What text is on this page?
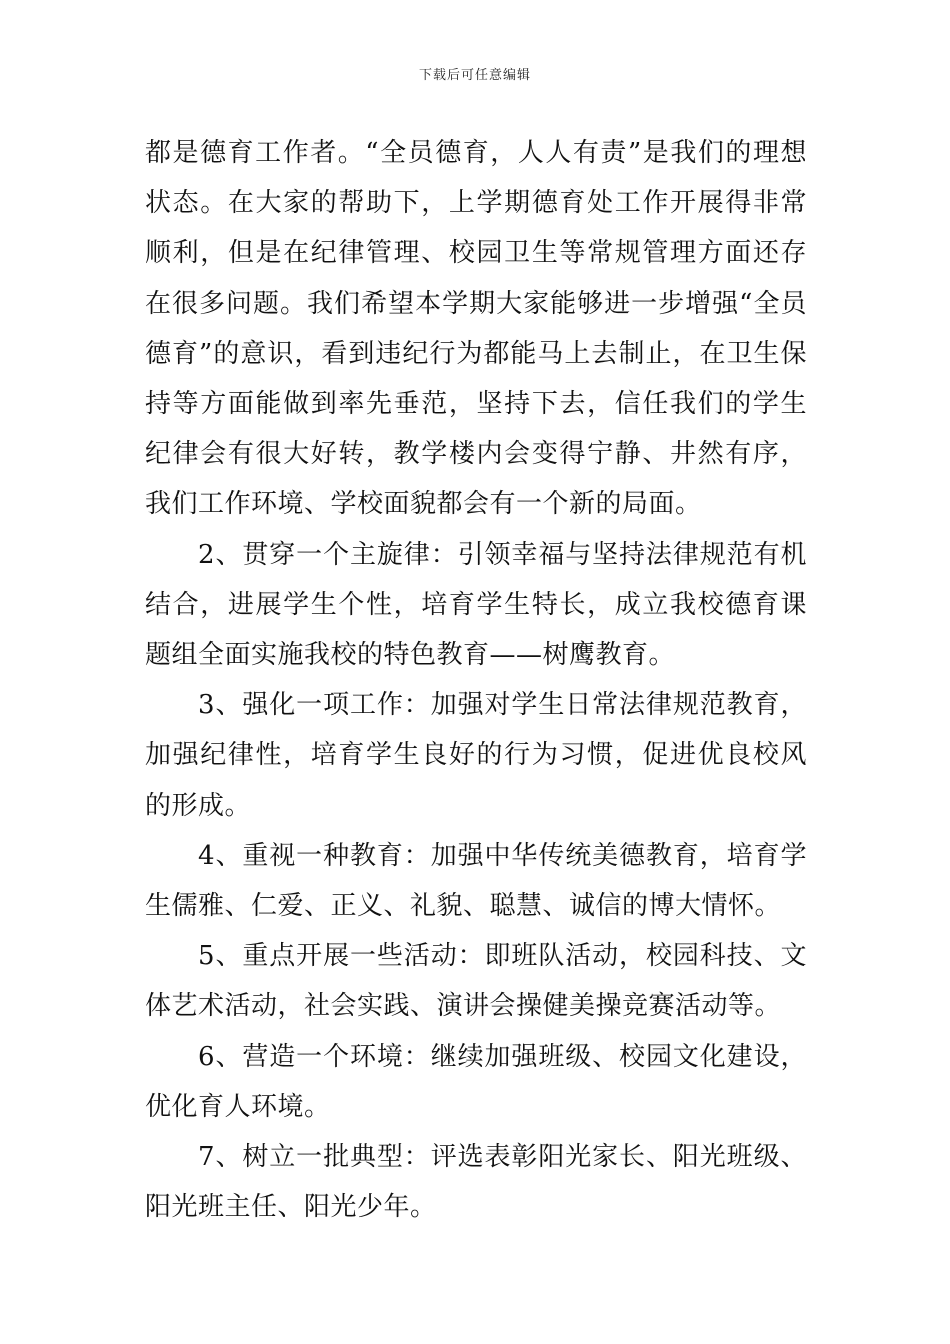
下载后可任意编辑

都是德育工作者。“全员德育，人人有责”是我们的理想状态。在大家的帮助下，上学期德育处工作开展得非常顺利，但是在纪律管理、校园卫生等常规管理方面还存在很多问题。我们希望本学期大家能够进一步增强“全员德育”的意识，看到违纪行为都能马上去制止，在卫生保持等方面能做到率先垂范，坚持下去，信任我们的学生纪律会有很大好转，教学楼内会变得宁静、井然有序，我们工作环境、学校面貌都会有一个新的局面。

2、贯穿一个主旋律：引领幸福与坚持法律规范有机结合，进展学生个性，培育学生特长，成立我校德育课题组全面实施我校的特色教育——树鹰教育。

3、强化一项工作：加强对学生日常法律规范教育，加强纪律性，培育学生良好的行为习惯，促进优良校风的形成。

4、重视一种教育：加强中华传统美德教育，培育学生儒雅、仁爱、正义、礼貌、聪慧、诚信的博大情怀。

5、重点开展一些活动：即班队活动，校园科技、文体艺术活动，社会实践、演讲会操健美操竞赛活动等。

6、营造一个环境：继续加强班级、校园文化建设，优化育人环境。

7、树立一批典型：评选表彰阳光家长、阳光班级、阳光班主任、阳光少年。
